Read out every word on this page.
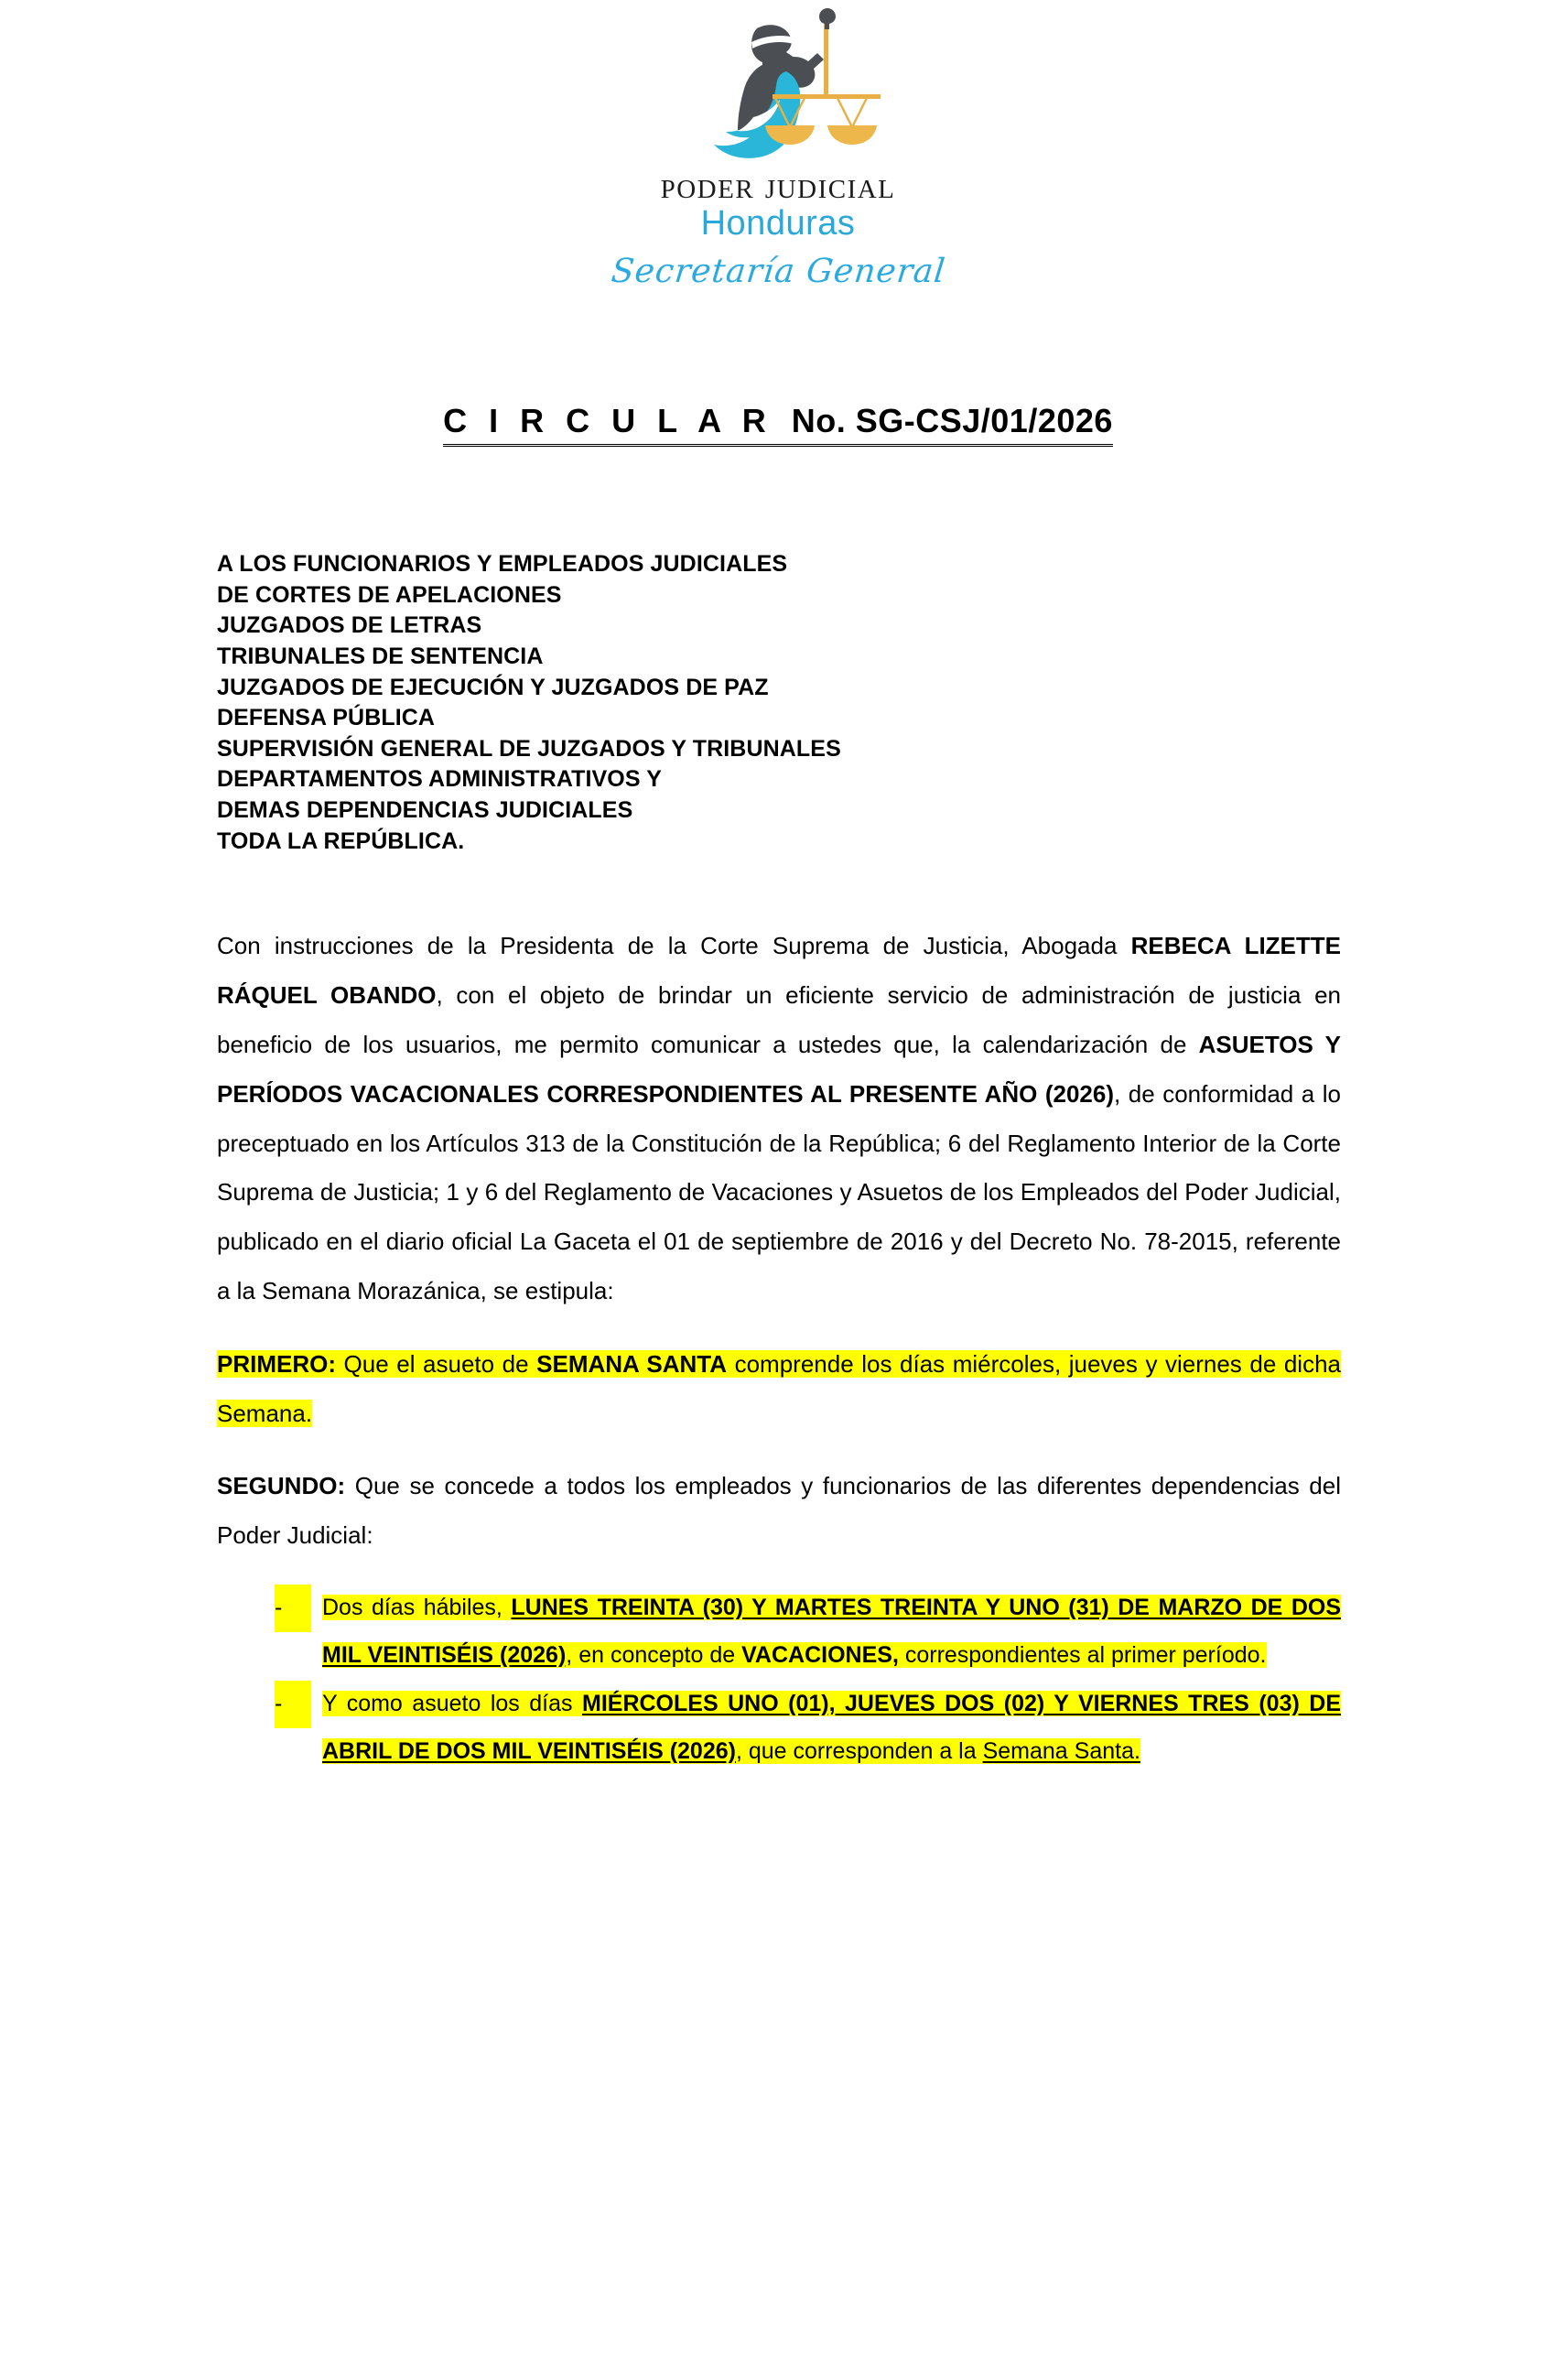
poder judicial
Honduras
Secretaría General
C I R C U L A R No. SG-CSJ/01/2026
A LOS FUNCIONARIOS Y EMPLEADOS JUDICIALES
DE CORTES DE APELACIONES
JUZGADOS DE LETRAS
TRIBUNALES DE SENTENCIA
JUZGADOS DE EJECUCIÓN Y JUZGADOS DE PAZ
DEFENSA PÚBLICA
SUPERVISIÓN GENERAL DE JUZGADOS Y TRIBUNALES
DEPARTAMENTOS ADMINISTRATIVOS Y
DEMAS DEPENDENCIAS JUDICIALES
TODA LA REPÚBLICA.

Con instrucciones de la Presidenta de la Corte Suprema de Justicia, Abogada REBECA LIZETTE RÁQUEL OBANDO, con el objeto de brindar un eficiente servicio de administración de justicia en beneficio de los usuarios, me permito comunicar a ustedes que, la calendarización de ASUETOS Y PERÍODOS VACACIONALES CORRESPONDIENTES AL PRESENTE AÑO (2026), de conformidad a lo preceptuado en los Artículos 313 de la Constitución de la República; 6 del Reglamento Interior de la Corte Suprema de Justicia; 1 y 6 del Reglamento de Vacaciones y Asuetos de los Empleados del Poder Judicial, publicado en el diario oficial La Gaceta el 01 de septiembre de 2016 y del Decreto No. 78-2015, referente a la Semana Morazánica, se estipula:

PRIMERO: Que el asueto de SEMANA SANTA comprende los días miércoles, jueves y viernes de dicha Semana.

SEGUNDO: Que se concede a todos los empleados y funcionarios de las diferentes dependencias del Poder Judicial:

-	Dos días hábiles, LUNES TREINTA (30) Y MARTES TREINTA Y UNO (31) DE MARZO DE DOS MIL VEINTISÉIS (2026), en concepto de VACACIONES, correspondientes al primer período.
-	Y como asueto los días MIÉRCOLES UNO (01), JUEVES DOS (02) Y VIERNES TRES (03) DE ABRIL DE DOS MIL VEINTISÉIS (2026), que corresponden a la Semana Santa.
